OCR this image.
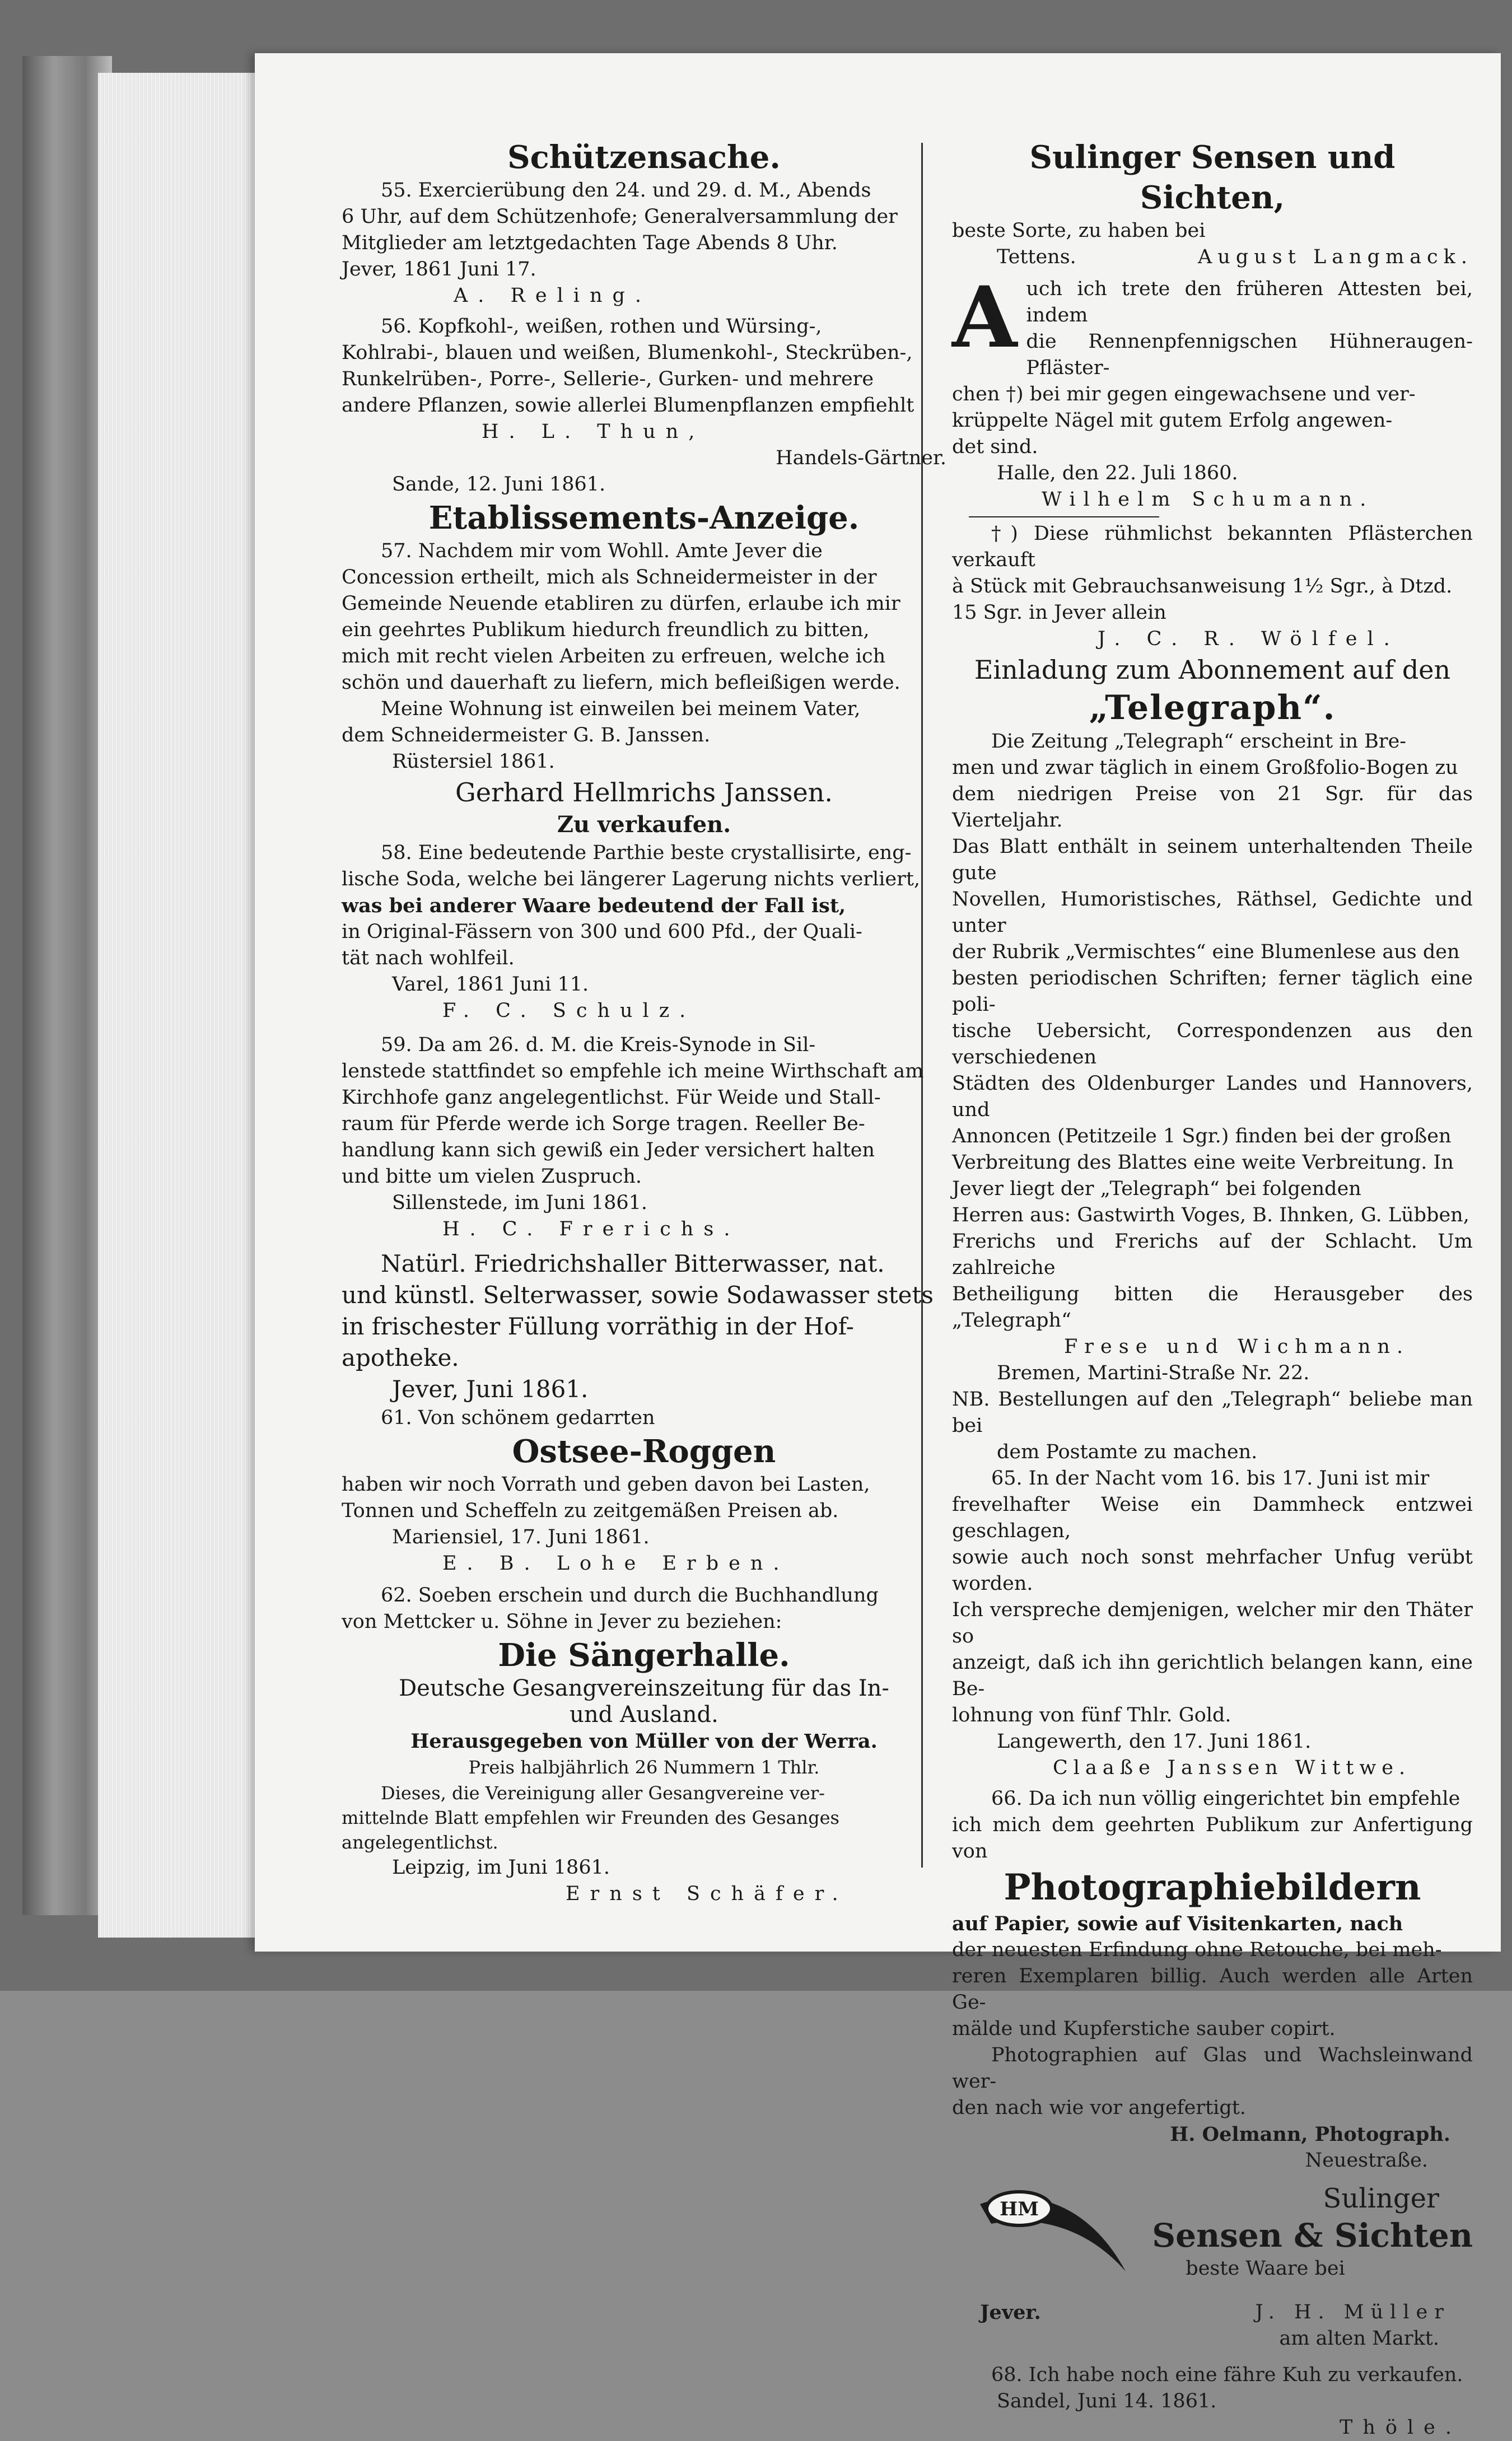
Schützensache.

55. Exercierübung den 24. und 29. d. M., Abends

6 Uhr, auf dem Schützenhofe; Generalversammlung der

Mitglieder am letztgedachten Tage Abends 8 Uhr.

Jever, 1861 Juni 17.

A. Reling.

56. Kopfkohl-, weißen, rothen und Würsing-,

Kohlrabi-, blauen und weißen, Blumenkohl-, Steckrüben-,

Runkelrüben-, Porre-, Sellerie-, Gurken- und mehrere

andere Pflanzen, sowie allerlei Blumenpflanzen empfiehlt

H. L. Thun,

Handels-Gärtner.

Sande, 12. Juni 1861.

Etablissements-Anzeige.

57. Nachdem mir vom Wohll. Amte Jever die

Concession ertheilt, mich als Schneidermeister in der

Gemeinde Neuende etabliren zu dürfen, erlaube ich mir

ein geehrtes Publikum hiedurch freundlich zu bitten,

mich mit recht vielen Arbeiten zu erfreuen, welche ich

schön und dauerhaft zu liefern, mich befleißigen werde.

Meine Wohnung ist einweilen bei meinem Vater,

dem Schneidermeister G. B. Janssen.

Rüstersiel 1861.

Gerhard Hellmrichs Janssen.

Zu verkaufen.

58. Eine bedeutende Parthie beste crystallisirte, eng-

lische Soda, welche bei längerer Lagerung nichts verliert,

was bei anderer Waare bedeutend der Fall ist,

in Original-Fässern von 300 und 600 Pfd., der Quali-

tät nach wohlfeil.

Varel, 1861 Juni 11.

F. C. Schulz.

59. Da am 26. d. M. die Kreis-Synode in Sil-

lenstede stattfindet so empfehle ich meine Wirthschaft am

Kirchhofe ganz angelegentlichst. Für Weide und Stall-

raum für Pferde werde ich Sorge tragen. Reeller Be-

handlung kann sich gewiß ein Jeder versichert halten

und bitte um vielen Zuspruch.

Sillenstede, im Juni 1861.

H. C. Frerichs.

Natürl. Friedrichshaller Bitterwasser, nat.

und künstl. Selterwasser, sowie Sodawasser stets

in frischester Füllung vorräthig in der Hof-

apotheke.

Jever, Juni 1861.

61. Von schönem gedarrten

Ostsee-Roggen

haben wir noch Vorrath und geben davon bei Lasten,

Tonnen und Scheffeln zu zeitgemäßen Preisen ab.

Mariensiel, 17. Juni 1861.

E. B. Lohe Erben.

62. Soeben erschein und durch die Buchhandlung

von Mettcker u. Söhne in Jever zu beziehen:

Die Sängerhalle.

Deutsche Gesangvereinszeitung für das In-

und Ausland.

Herausgegeben von Müller von der Werra.

Preis halbjährlich 26 Nummern 1 Thlr.

Dieses, die Vereinigung aller Gesangvereine ver-

mittelnde Blatt empfehlen wir Freunden des Gesanges

angelegentlichst.

Leipzig, im Juni 1861.

Ernst Schäfer.

Sulinger Sensen und Sichten,

beste Sorte, zu haben bei

Tettens.	August Langmack.

A uch ich trete den früheren Attesten bei, indem

die Rennenpfennigschen Hühneraugen-Pfläster-

chen †) bei mir gegen eingewachsene und ver-

krüppelte Nägel mit gutem Erfolg angewen-

det sind.

Halle, den 22. Juli 1860.

Wilhelm Schumann.

†) Diese rühmlichst bekannten Pflästerchen verkauft

à Stück mit Gebrauchsanweisung 1½ Sgr., à Dtzd.

15 Sgr. in Jever allein

J. C. R. Wölfel.

Einladung zum Abonnement auf den

„Telegraph“.

Die Zeitung „Telegraph“ erscheint in Bre-

men und zwar täglich in einem Großfolio-Bogen zu

dem niedrigen Preise von 21 Sgr. für das Vierteljahr.

Das Blatt enthält in seinem unterhaltenden Theile gute

Novellen, Humoristisches, Räthsel, Gedichte und unter

der Rubrik „Vermischtes“ eine Blumenlese aus den

besten periodischen Schriften; ferner täglich eine poli-

tische Uebersicht, Correspondenzen aus den verschiedenen

Städten des Oldenburger Landes und Hannovers, und

Annoncen (Petitzeile 1 Sgr.) finden bei der großen

Verbreitung des Blattes eine weite Verbreitung. In

Jever liegt der „Telegraph“ bei folgenden

Herren aus: Gastwirth Voges, B. Ihnken, G. Lübben,

Frerichs und Frerichs auf der Schlacht. Um zahlreiche

Betheiligung bitten die Herausgeber des „Telegraph“

Frese und Wichmann.

Bremen, Martini-Straße Nr. 22.

NB. Bestellungen auf den „Telegraph“ beliebe man bei

dem Postamte zu machen.

65. In der Nacht vom 16. bis 17. Juni ist mir

frevelhafter Weise ein Dammheck entzwei geschlagen,

sowie auch noch sonst mehrfacher Unfug verübt worden.

Ich verspreche demjenigen, welcher mir den Thäter so

anzeigt, daß ich ihn gerichtlich belangen kann, eine Be-

lohnung von fünf Thlr. Gold.

Langewerth, den 17. Juni 1861.

Claaße Janssen Wittwe.

66. Da ich nun völlig eingerichtet bin empfehle

ich mich dem geehrten Publikum zur Anfertigung von

Photographiebildern

auf Papier, sowie auf Visitenkarten, nach

der neuesten Erfindung ohne Retouche, bei meh-

reren Exemplaren billig. Auch werden alle Arten Ge-

mälde und Kupferstiche sauber copirt.

Photographien auf Glas und Wachsleinwand wer-

den nach wie vor angefertigt.

H. Oelmann, Photograph.

Neuestraße.

HM	Sulinger

Sensen & Sichten

beste Waare bei

Jever.	J. H. Müller

am alten Markt.

68. Ich habe noch eine fähre Kuh zu verkaufen.

Sandel, Juni 14. 1861.

Thöle.
